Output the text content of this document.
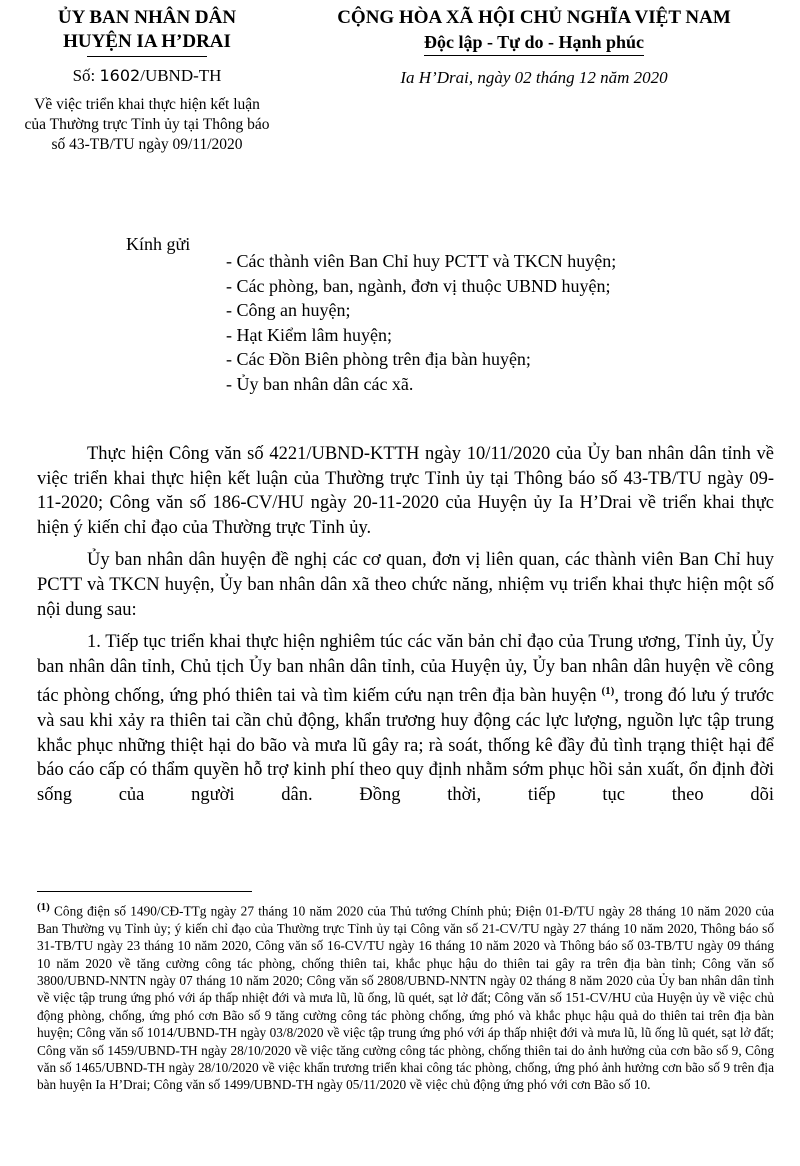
ỦY BAN NHÂN DÂN
HUYỆN IA H’DRAI
Số: 1602/UBND-TH
Về việc triển khai thực hiện kết luận của Thường trực Tỉnh ủy tại Thông báo số 43-TB/TU ngày 09/11/2020
CỘNG HÒA XÃ HỘI CHỦ NGHĨA VIỆT NAM
Độc lập - Tự do - Hạnh phúc
Ia H’Drai, ngày 02 tháng 12 năm 2020
Kính gửi
- Các thành viên Ban Chỉ huy PCTT và TKCN huyện;
- Các phòng, ban, ngành, đơn vị thuộc UBND huyện;
- Công an huyện;
- Hạt Kiểm lâm huyện;
- Các Đồn Biên phòng trên địa bàn huyện;
- Ủy ban nhân dân các xã.

Thực hiện Công văn số 4221/UBND-KTTH ngày 10/11/2020 của Ủy ban nhân dân tỉnh về việc triển khai thực hiện kết luận của Thường trực Tỉnh ủy tại Thông báo số 43-TB/TU ngày 09-11-2020; Công văn số 186-CV/HU ngày 20-11-2020 của Huyện ủy Ia H’Drai về triển khai thực hiện ý kiến chỉ đạo của Thường trực Tỉnh ủy.

Ủy ban nhân dân huyện đề nghị các cơ quan, đơn vị liên quan, các thành viên Ban Chỉ huy PCTT và TKCN huyện, Ủy ban nhân dân xã theo chức năng, nhiệm vụ triển khai thực hiện một số nội dung sau:

1. Tiếp tục triển khai thực hiện nghiêm túc các văn bản chỉ đạo của Trung ương, Tỉnh ủy, Ủy ban nhân dân tỉnh, Chủ tịch Ủy ban nhân dân tỉnh, của Huyện ủy, Ủy ban nhân dân huyện về công tác phòng chống, ứng phó thiên tai và tìm kiếm cứu nạn trên địa bàn huyện $^{(1)}$, trong đó lưu ý trước và sau khi xảy ra thiên tai cần chủ động, khẩn trương huy động các lực lượng, nguồn lực tập trung khắc phục những thiệt hại do bão và mưa lũ gây ra; rà soát, thống kê đầy đủ tình trạng thiệt hại để báo cáo cấp có thẩm quyền hỗ trợ kinh phí theo quy định nhằm sớm phục hồi sản xuất, ổn định đời sống của người dân. Đồng thời, tiếp tục theo dõi

$^{(1)}$ Công điện số 1490/CĐ-TTg ngày 27 tháng 10 năm 2020 của Thủ tướng Chính phủ; Điện 01-Đ/TU ngày 28 tháng 10 năm 2020 của Ban Thường vụ Tỉnh ủy; ý kiến chỉ đạo của Thường trực Tỉnh ủy tại Công văn số 21-CV/TU ngày 27 tháng 10 năm 2020, Thông báo số 31-TB/TU ngày 23 tháng 10 năm 2020, Công văn số 16-CV/TU ngày 16 tháng 10 năm 2020 và Thông báo số 03-TB/TU ngày 09 tháng 10 năm 2020 về tăng cường công tác phòng, chống thiên tai, khắc phục hậu do thiên tai gây ra trên địa bàn tỉnh; Công văn số 3800/UBND-NNTN ngày 07 tháng 10 năm 2020; Công văn số 2808/UBND-NNTN ngày 02 tháng 8 năm 2020 của Ủy ban nhân dân tỉnh về việc tập trung ứng phó với áp thấp nhiệt đới và mưa lũ, lũ ống, lũ quét, sạt lở đất; Công văn số 151-CV/HU của Huyện ủy về việc chủ động phòng, chống, ứng phó cơn Bão số 9 tăng cường công tác phòng chống, ứng phó và khắc phục hậu quả do thiên tai trên địa bàn huyện; Công văn số 1014/UBND-TH ngày 03/8/2020 về việc tập trung ứng phó với áp thấp nhiệt đới và mưa lũ, lũ ống lũ quét, sạt lở đất; Công văn số 1459/UBND-TH ngày 28/10/2020 về việc tăng cường công tác phòng, chống thiên tai do ảnh hưởng của cơn bão số 9, Công văn số 1465/UBND-TH ngày 28/10/2020 về việc khẩn trương triển khai công tác phòng, chống, ứng phó ảnh hưởng cơn bão số 9 trên địa bàn huyện Ia H’Drai; Công văn số 1499/UBND-TH ngày 05/11/2020 về việc chủ động ứng phó với cơn Bão số 10.
